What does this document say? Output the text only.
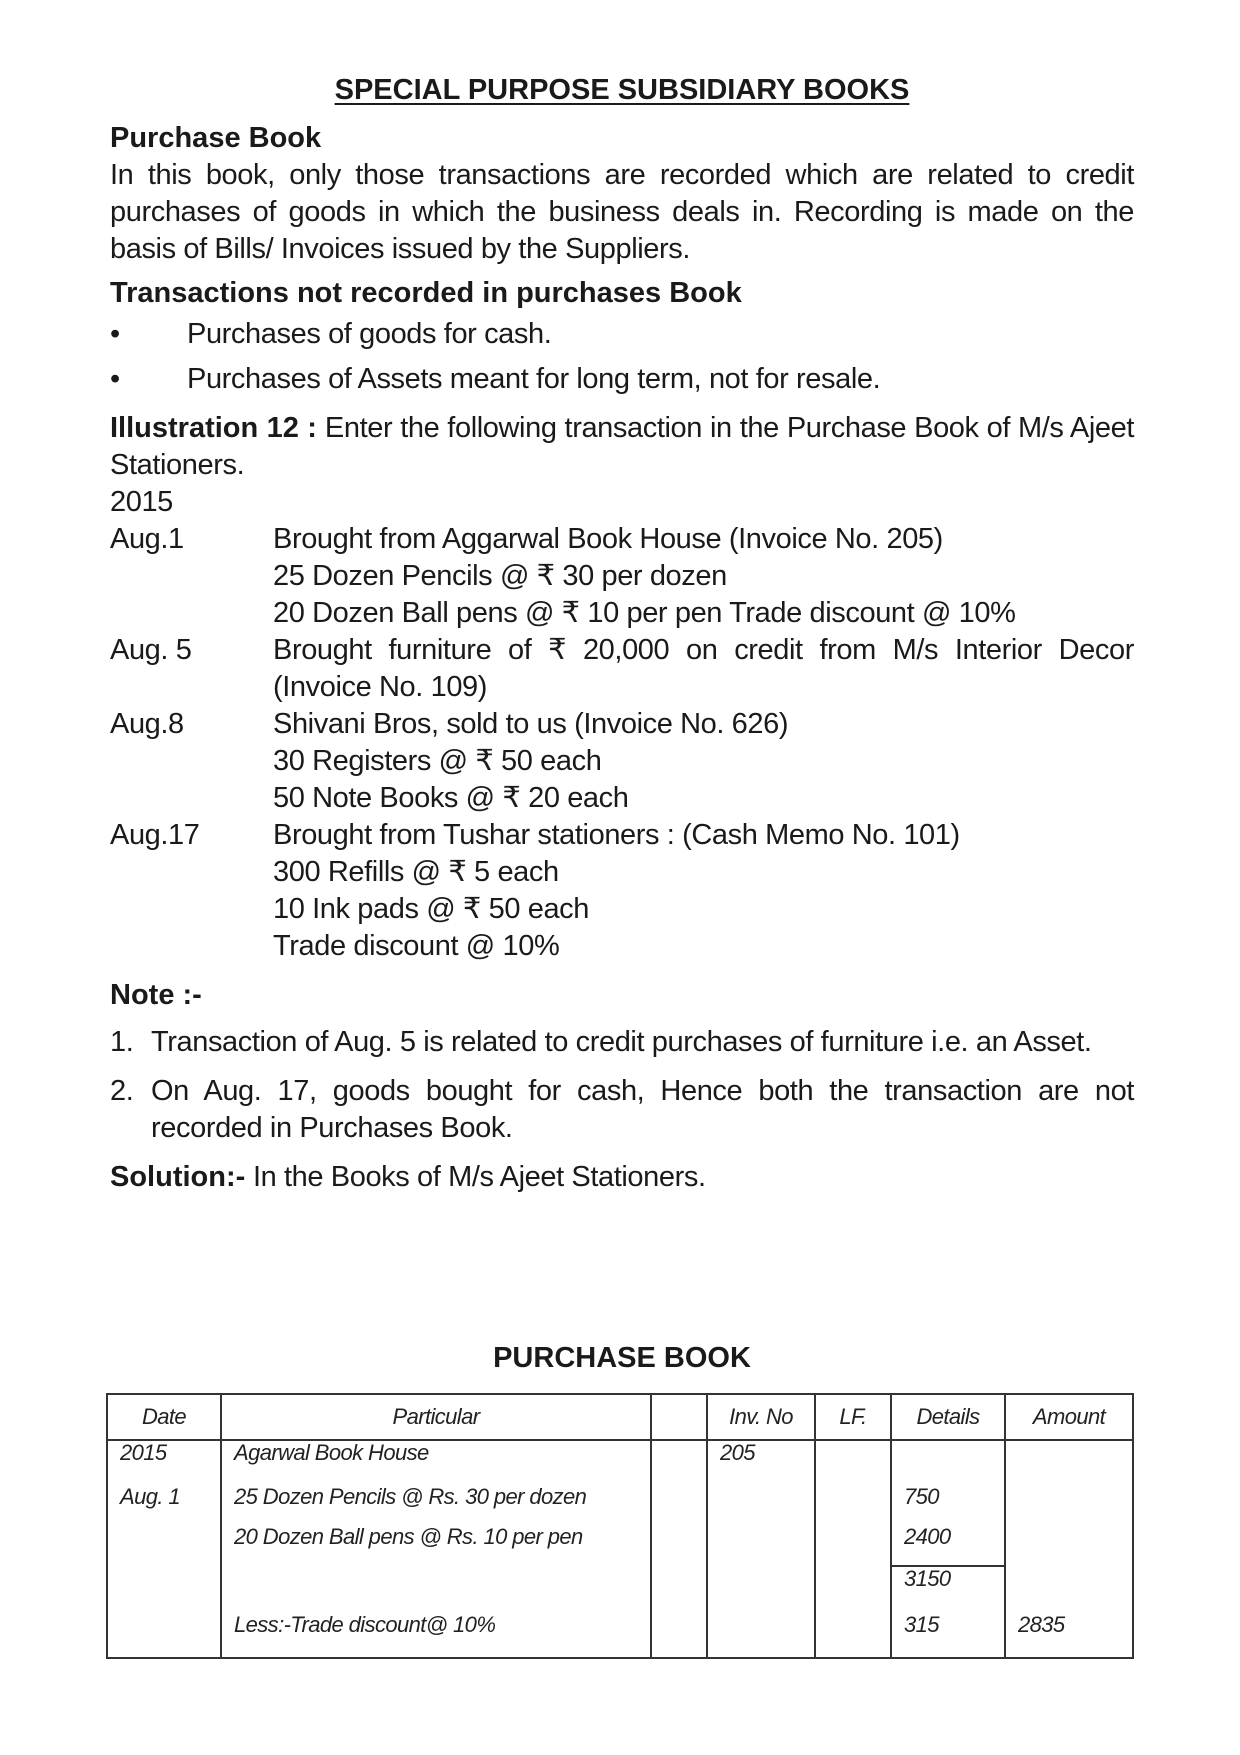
SPECIAL PURPOSE SUBSIDIARY BOOKS
Purchase Book

In this book, only those transactions are recorded which are related to credit purchases of goods in which the business deals in. Recording is made on the basis of Bills/ Invoices issued by the Suppliers.

Transactions not recorded in purchases Book
•	Purchases of goods for cash.
•	Purchases of Assets meant for long term, not for resale.

Illustration 12 : Enter the following transaction in the Purchase Book of M/s Ajeet Stationers.

2015

Aug.1	Brought from Aggarwal Book House (Invoice No. 205)
25 Dozen Pencils @ ₹ 30 per dozen
20 Dozen Ball pens @ ₹ 10 per pen Trade discount @ 10%
Aug. 5	Brought furniture of ₹ 20,000 on credit from M/s Interior Decor (Invoice No. 109)
Aug.8	Shivani Bros, sold to us (Invoice No. 626)
30 Registers @ ₹ 50 each
50 Note Books @ ₹ 20 each
Aug.17	Brought from Tushar stationers : (Cash Memo No. 101)
300 Refills @ ₹ 5 each
10 Ink pads @ ₹ 50 each
Trade discount @ 10%

Note :-

1. Transaction of Aug. 5 is related to credit purchases of furniture i.e. an Asset.
2. On Aug. 17, goods bought for cash, Hence both the transaction are not recorded in Purchases Book.

Solution:- In the Books of M/s Ajeet Stationers.

PURCHASE BOOK
Date	Particular		Inv. No	LF.	Details	Amount
2015	Agarwal Book House		205			
Aug. 1	25 Dozen Pencils @ Rs. 30 per dozen				750	
	20 Dozen Ball pens @ Rs. 10 per pen				2400	
					3150	
	Less:-Trade discount@ 10%				315	2835
